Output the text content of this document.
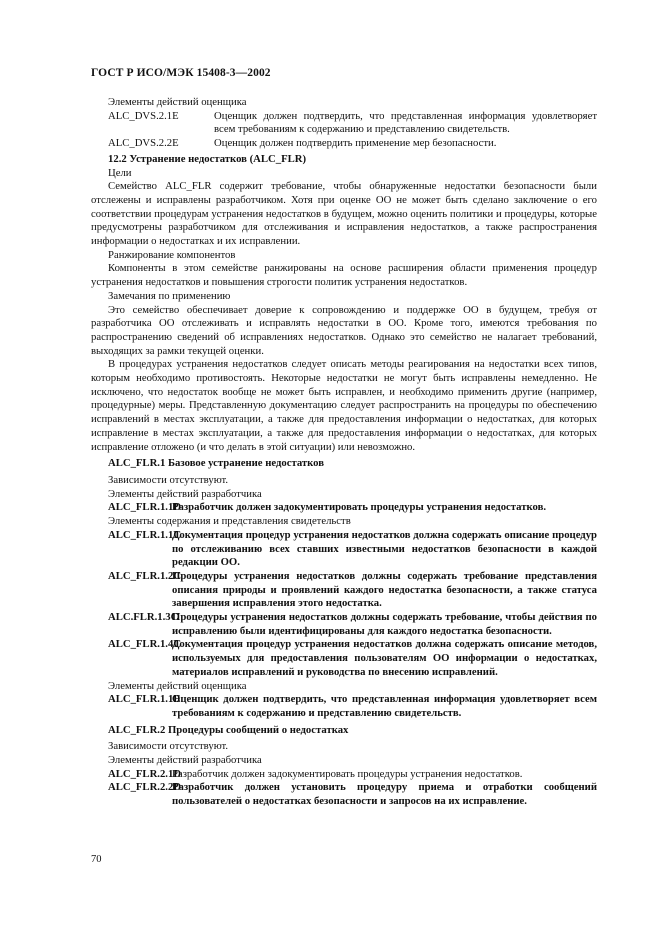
ГОСТ Р ИСО/МЭК 15408-3—2002

Элементы действий оценщика

ALC_DVS.2.1E	Оценщик должен подтвердить, что представленная информация удовлетворяет всем требованиям к содержанию и представлению свидетельств.
ALC_DVS.2.2E	Оценщик должен подтвердить применение мер безопасности.

12.2 Устранение недостатков (ALC_FLR)

Цели

Семейство ALC_FLR содержит требование, чтобы обнаруженные недостатки безопасности были отслежены и исправлены разработчиком. Хотя при оценке ОО не может быть сделано заключение о его соответствии процедурам устранения недостатков в будущем, можно оценить политики и процедуры, которые предусмотрены разработчиком для отслеживания и исправления недостатков, а также распространения информации о недостатках и их исправлении.

Ранжирование компонентов

Компоненты в этом семействе ранжированы на основе расширения области применения процедур устранения недостатков и повышения строгости политик устранения недостатков.

Замечания по применению

Это семейство обеспечивает доверие к сопровождению и поддержке ОО в будущем, требуя от разработчика ОО отслеживать и исправлять недостатки в ОО. Кроме того, имеются требования по распространению сведений об исправлениях недостатков. Однако это семейство не налагает требований, выходящих за рамки текущей оценки.

В процедурах устранения недостатков следует описать методы реагирования на недостатки всех типов, которым необходимо противостоять. Некоторые недостатки не могут быть исправлены немедленно. Не исключено, что недостаток вообще не может быть исправлен, и необходимо применить другие (например, процедурные) меры. Представленную документацию следует распространить на процедуры по обеспечению исправлений в местах эксплуатации, а также для предоставления информации о недостатках, для которых исправление в местах эксплуатации, а также для предоставления информации о недостатках, для которых исправление отложено (и что делать в этой ситуации) или невозможно.

ALC_FLR.1 Базовое устранение недостатков

Зависимости отсутствуют.

Элементы действий разработчика

ALC_FLR.1.1D
Разработчик должен задокументировать процедуры устранения недостатков.

Элементы содержания и представления свидетельств

ALC_FLR.1.1C
Документация процедур устранения недостатков должна содержать описание процедур по отслеживанию всех ставших известными недостатков безопасности в каждой редакции ОО.
ALC_FLR.1.2C
Процедуры устранения недостатков должны содержать требование представления описания природы и проявлений каждого недостатка безопасности, а также статуса завершения исправления этого недостатка.
ALC.FLR.1.3C
Процедуры устранения недостатков должны содержать требование, чтобы действия по исправлению были идентифицированы для каждого недостатка безопасности.
ALC_FLR.1.4C
Документация процедур устранения недостатков должна содержать описание методов, используемых для предоставления пользователям ОО информации о недостатках, материалов исправлений и руководства по внесению исправлений.

Элементы действий оценщика

ALC_FLR.1.1E
Оценщик должен подтвердить, что представленная информация удовлетворяет всем требованиям к содержанию и представлению свидетельств.

ALC_FLR.2 Процедуры сообщений о недостатках

Зависимости отсутствуют.

Элементы действий разработчика

ALC_FLR.2.1D
Разработчик должен задокументировать процедуры устранения недостатков.
ALC_FLR.2.2D
Разработчик должен установить процедуру приема и отработки сообщений пользователей о недостатках безопасности и запросов на их исправление.
70
